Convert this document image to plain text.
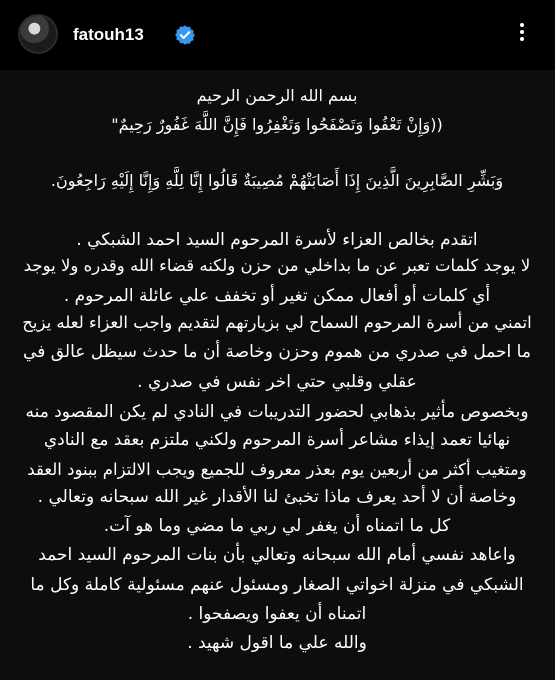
fatouh13
بسم الله الرحمن الرحيم
((وَإِنْ تَعْفُوا وَتَصْفَحُوا وَتَغْفِرُوا فَإِنَّ اللَّهَ غَفُورٌ رَحِيمٌ"
وَبَشِّرِ الصَّابِرِينَ الَّذِينَ إِذَا أَصَابَتْهُمْ مُصِيبَةٌ قَالُوا إِنَّا لِلَّهِ وَإِنَّا إِلَيْهِ رَاجِعُونَ.
اتقدم بخالص العزاء لأسرة المرحوم السيد احمد الشبكي .
لا يوجد كلمات تعبر عن ما بداخلي من حزن ولكنه قضاء الله وقدره ولا يوجد
أي كلمات أو أفعال ممكن تغير أو تخفف علي عائلة المرحوم .
اتمني من أسرة المرحوم السماح لي بزيارتهم لتقديم واجب العزاء لعله يزيح
ما احمل في صدري من هموم وحزن وخاصة أن ما حدث سيظل عالق في
عقلي وقلبي حتي اخر نفس في صدري .
وبخصوص مأثير بذهابي لحضور التدريبات في النادي لم يكن المقصود منه
نهائيا تعمد إيذاء مشاعر أسرة المرحوم ولكني ملتزم بعقد مع النادي
ومتغيب أكثر من أربعين يوم بعذر معروف للجميع ويجب الالتزام ببنود العقد
وخاصة أن لا أحد يعرف ماذا تخبئ لنا الأقدار غير الله سبحانه وتعالي .
كل ما اتمناه أن يغفر لي ربي ما مضي وما هو آت.
واعاهد نفسي أمام الله سبحانه وتعالي بأن بنات المرحوم السيد احمد
الشبكي في منزلة اخواتي الصغار ومسئول عنهم مسئولية كاملة وكل ما
اتمناه أن يعفوا ويصفحوا .
والله علي ما اقول شهيد .
